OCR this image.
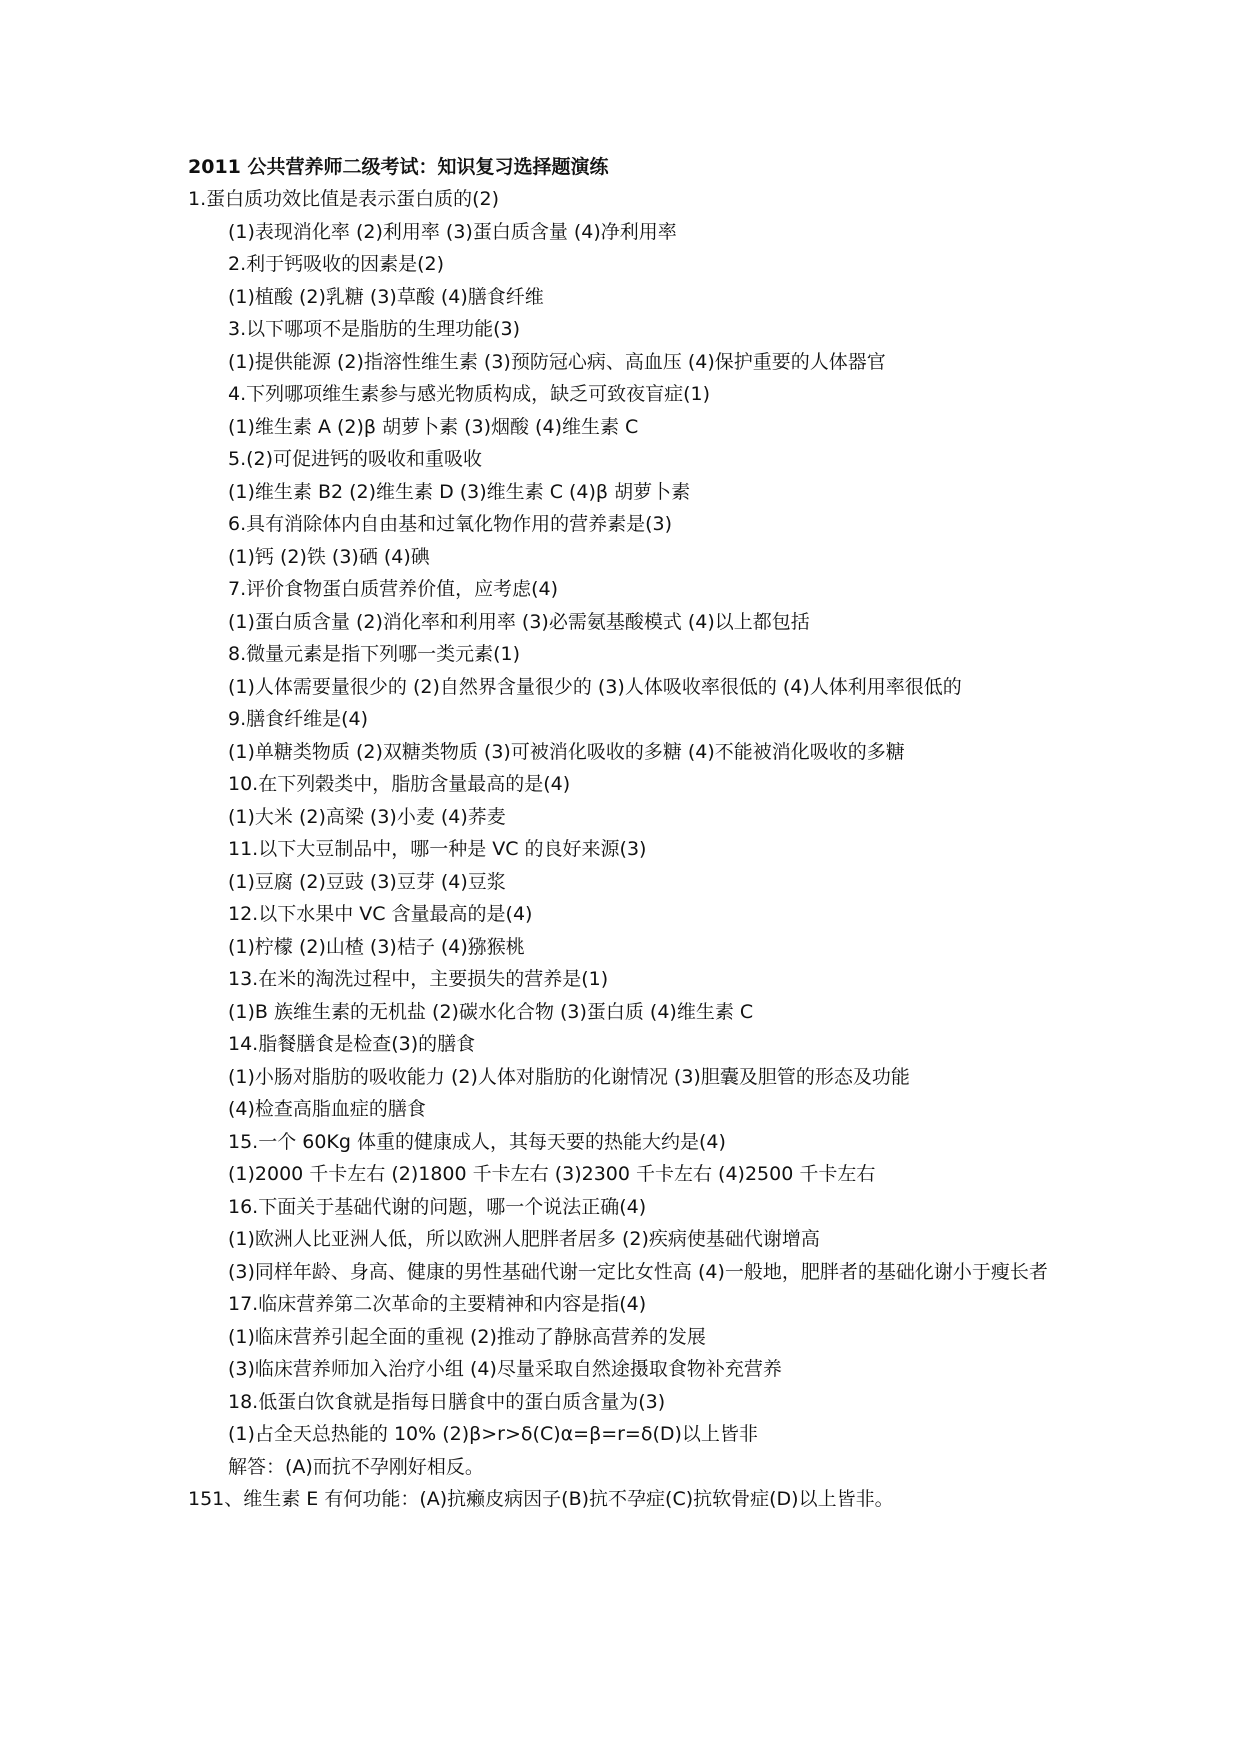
2011 公共营养师二级考试：知识复习选择题演练
1.蛋白质功效比值是表示蛋白质的(2)
(1)表现消化率 (2)利用率 (3)蛋白质含量 (4)净利用率
2.利于钙吸收的因素是(2)
(1)植酸 (2)乳糖 (3)草酸 (4)膳食纤维
3.以下哪项不是脂肪的生理功能(3)
(1)提供能源 (2)指溶性维生素 (3)预防冠心病、高血压 (4)保护重要的人体器官
4.下列哪项维生素参与感光物质构成，缺乏可致夜盲症(1)
(1)维生素 A (2)β 胡萝卜素 (3)烟酸 (4)维生素 C
5.(2)可促进钙的吸收和重吸收
(1)维生素 B2 (2)维生素 D (3)维生素 C (4)β 胡萝卜素
6.具有消除体内自由基和过氧化物作用的营养素是(3)
(1)钙 (2)铁 (3)硒 (4)碘
7.评价食物蛋白质营养价值，应考虑(4)
(1)蛋白质含量 (2)消化率和利用率 (3)必需氨基酸模式 (4)以上都包括
8.微量元素是指下列哪一类元素(1)
(1)人体需要量很少的 (2)自然界含量很少的 (3)人体吸收率很低的 (4)人体利用率很低的
9.膳食纤维是(4)
(1)单糖类物质 (2)双糖类物质 (3)可被消化吸收的多糖 (4)不能被消化吸收的多糖
10.在下列榖类中，脂肪含量最高的是(4)
(1)大米 (2)高梁 (3)小麦 (4)荞麦
11.以下大豆制品中，哪一种是 VC 的良好来源(3)
(1)豆腐 (2)豆豉 (3)豆芽 (4)豆浆
12.以下水果中 VC 含量最高的是(4)
(1)柠檬 (2)山楂 (3)桔子 (4)猕猴桃
13.在米的淘洗过程中，主要损失的营养是(1)
(1)B 族维生素的无机盐 (2)碳水化合物 (3)蛋白质 (4)维生素 C
14.脂餐膳食是检查(3)的膳食
(1)小肠对脂肪的吸收能力 (2)人体对脂肪的化谢情况 (3)胆囊及胆管的形态及功能
(4)检查高脂血症的膳食
15.一个 60Kg 体重的健康成人，其每天要的热能大约是(4)
(1)2000 千卡左右 (2)1800 千卡左右 (3)2300 千卡左右 (4)2500 千卡左右
16.下面关于基础代谢的问题，哪一个说法正确(4)
(1)欧洲人比亚洲人低，所以欧洲人肥胖者居多 (2)疾病使基础代谢增高
(3)同样年龄、身高、健康的男性基础代谢一定比女性高 (4)一般地，肥胖者的基础化谢小于瘦长者
17.临床营养第二次革命的主要精神和内容是指(4)
(1)临床营养引起全面的重视 (2)推动了静脉高营养的发展
(3)临床营养师加入治疗小组 (4)尽量采取自然途摄取食物补充营养
18.低蛋白饮食就是指每日膳食中的蛋白质含量为(3)
(1)占全天总热能的 10% (2)β>r>δ(C)α=β=r=δ(D)以上皆非
解答：(A)而抗不孕刚好相反。
151、维生素 E 有何功能：(A)抗癞皮病因子(B)抗不孕症(C)抗软骨症(D)以上皆非。
